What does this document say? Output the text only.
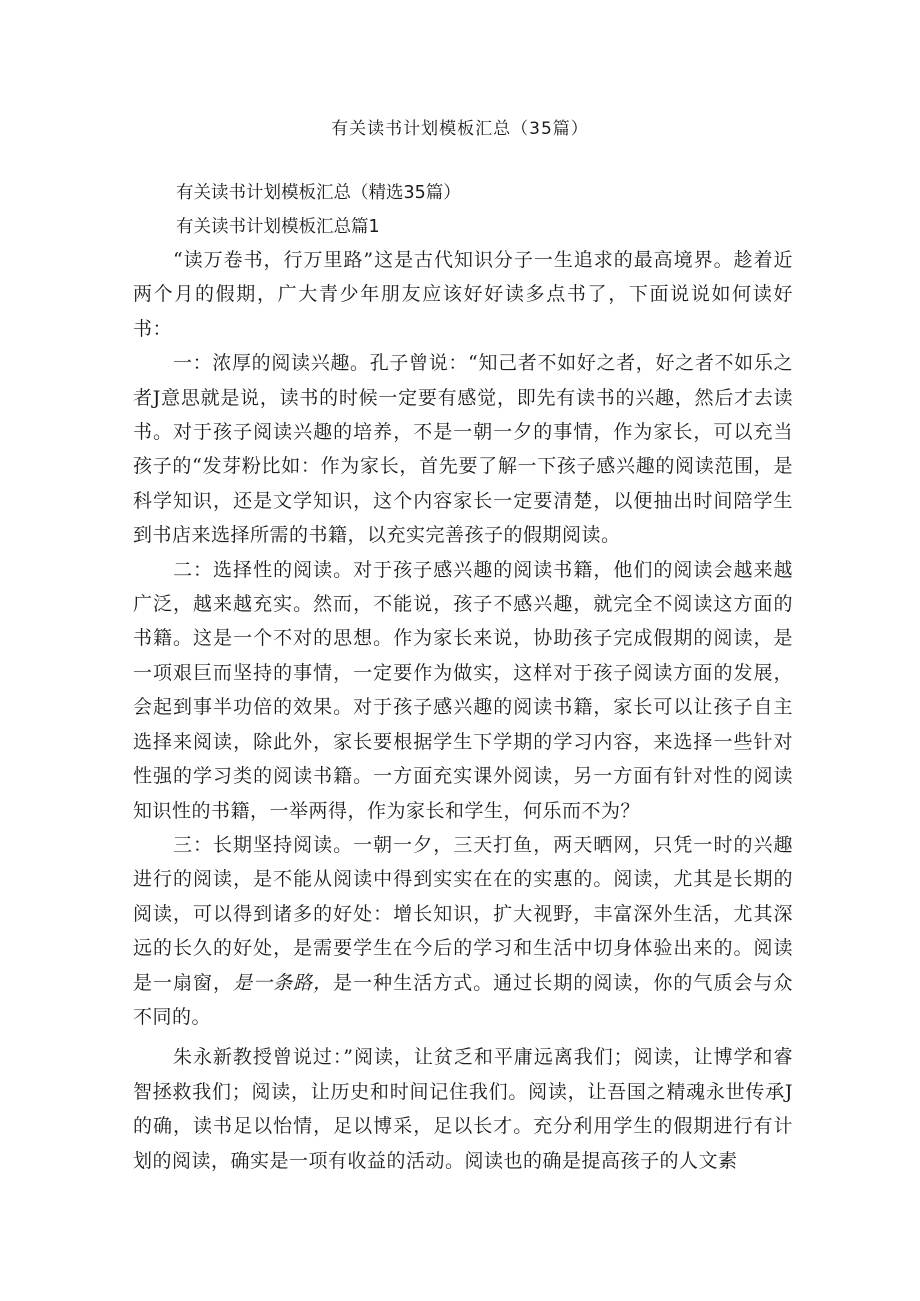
有关读书计划模板汇总（35篇）

有关读书计划模板汇总（精选35篇）

有关读书计划模板汇总篇1

“读万卷书，行万里路”这是古代知识分子一生追求的最高境界。趁着近两个月的假期，广大青少年朋友应该好好读多点书了，下面说说如何读好书：

一：浓厚的阅读兴趣。孔子曾说：“知己者不如好之者，好之者不如乐之者J意思就是说，读书的时候一定要有感觉，即先有读书的兴趣，然后才去读书。对于孩子阅读兴趣的培养，不是一朝一夕的事情，作为家长，可以充当孩子的“发芽粉比如：作为家长，首先要了解一下孩子感兴趣的阅读范围，是科学知识，还是文学知识，这个内容家长一定要清楚，以便抽出时间陪学生到书店来选择所需的书籍，以充实完善孩子的假期阅读。

二：选择性的阅读。对于孩子感兴趣的阅读书籍，他们的阅读会越来越广泛，越来越充实。然而，不能说，孩子不感兴趣，就完全不阅读这方面的书籍。这是一个不对的思想。作为家长来说，协助孩子完成假期的阅读，是一项艰巨而坚持的事情，一定要作为做实，这样对于孩子阅读方面的发展，会起到事半功倍的效果。对于孩子感兴趣的阅读书籍，家长可以让孩子自主选择来阅读，除此外，家长要根据学生下学期的学习内容，来选择一些针对性强的学习类的阅读书籍。一方面充实课外阅读，另一方面有针对性的阅读知识性的书籍，一举两得，作为家长和学生，何乐而不为？

三：长期坚持阅读。一朝一夕，三天打鱼，两天晒网，只凭一时的兴趣进行的阅读，是不能从阅读中得到实实在在的实惠的。阅读，尤其是长期的阅读，可以得到诸多的好处：增长知识，扩大视野，丰富深外生活，尤其深远的长久的好处，是需要学生在今后的学习和生活中切身体验出来的。阅读是一扇窗，是一条路，是一种生活方式。通过长期的阅读，你的气质会与众不同的。

朱永新教授曾说过：”阅读，让贫乏和平庸远离我们；阅读，让博学和睿智拯救我们；阅读，让历史和时间记住我们。阅读，让吾国之精魂永世传承J的确，读书足以怡情，足以博采，足以长才。充分利用学生的假期进行有计划的阅读，确实是一项有收益的活动。阅读也的确是提高孩子的人文素
